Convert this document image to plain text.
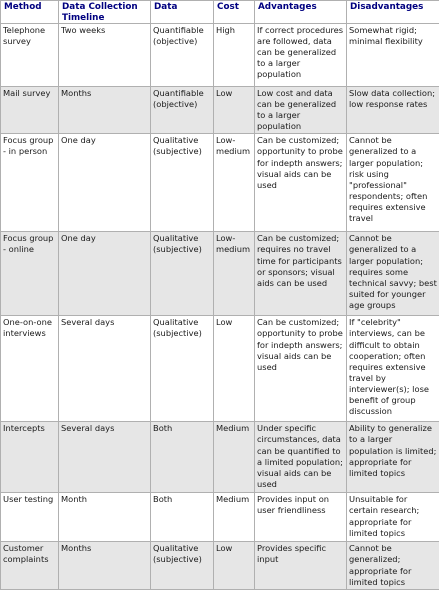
Method	Data Collection Timeline	Data	Cost	Advantages	Disadvantages
Telephone survey	Two weeks	Quantifiable (objective)	High	If correct procedures are followed, data can be generalized to a larger population	Somewhat rigid; minimal flexibility
Mail survey	Months	Quantifiable (objective)	Low	Low cost and data can be generalized to a larger population	Slow data collection; low response rates
Focus group - in person	One day	Qualitative (subjective)	Low-medium	Can be customized; opportunity to probe for indepth answers; visual aids can be used	Cannot be generalized to a larger population; risk using "professional" respondents; often requires extensive travel
Focus group - online	One day	Qualitative (subjective)	Low-medium	Can be customized; requires no travel time for participants or sponsors; visual aids can be used	Cannot be generalized to a larger population; requires some technical savvy; best suited for younger age groups
One-on-one interviews	Several days	Qualitative (subjective)	Low	Can be customized; opportunity to probe for indepth answers; visual aids can be used	If "celebrity" interviews, can be difficult to obtain cooperation; often requires extensive travel by interviewer(s); lose benefit of group discussion
Intercepts	Several days	Both	Medium	Under specific circumstances, data can be quantified to a limited population; visual aids can be used	Ability to generalize to a larger population is limited; appropriate for limited topics
User testing	Month	Both	Medium	Provides input on user friendliness	Unsuitable for certain research; appropriate for limited topics
Customer complaints	Months	Qualitative (subjective)	Low	Provides specific input	Cannot be generalized; appropriate for limited topics
